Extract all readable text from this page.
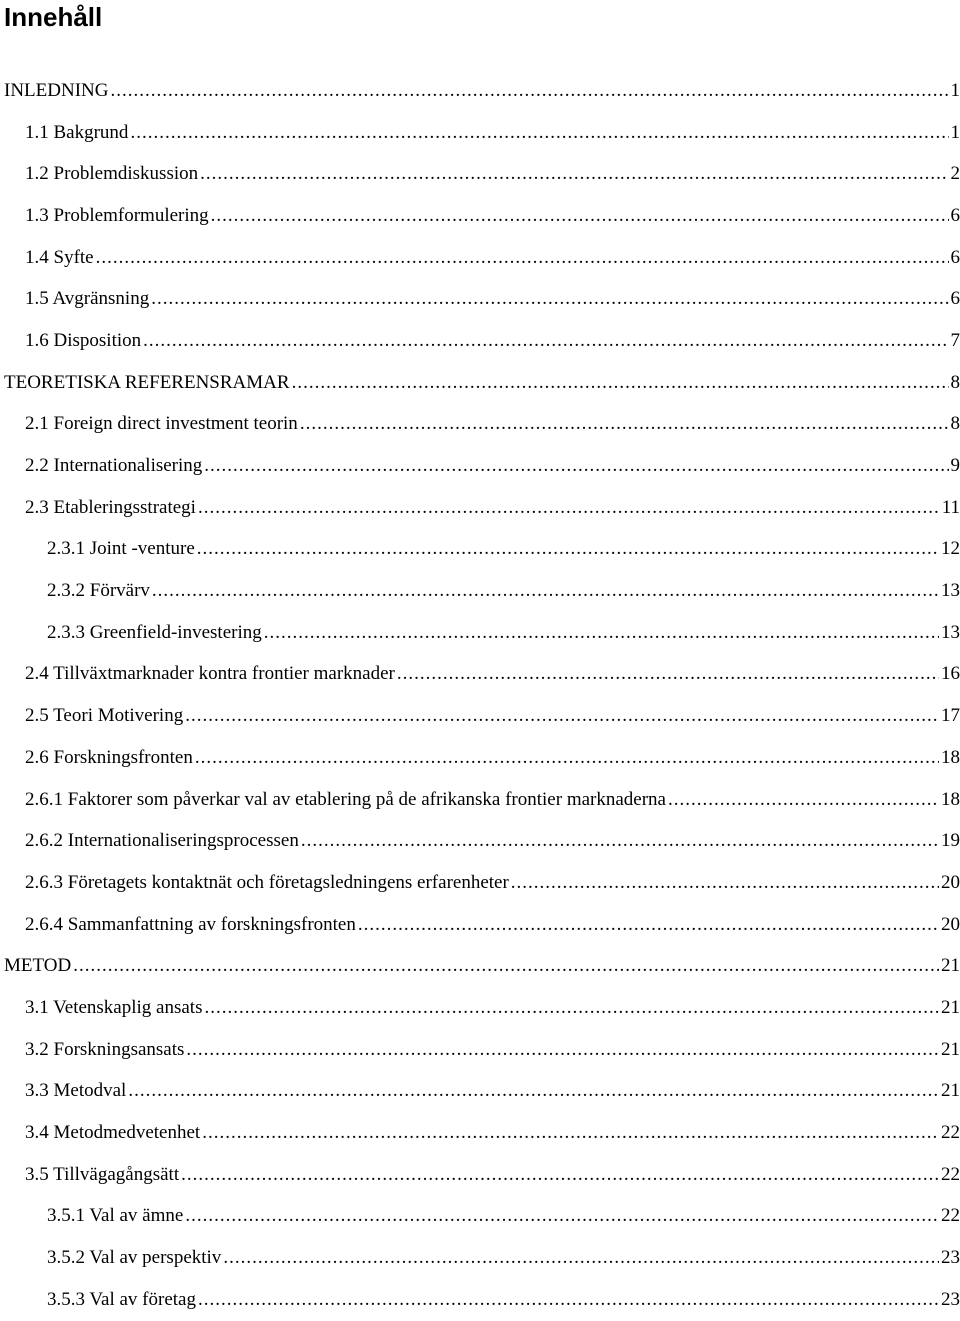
Innehåll
INLEDNING .....	1
1.1 Bakgrund .....	1
1.2 Problemdiskussion .....	2
1.3 Problemformulering .....	6
1.4 Syfte .....	6
1.5 Avgränsning .....	6
1.6 Disposition .....	7
TEORETISKA REFERENSRAMAR .....	8
2.1 Foreign direct investment teorin .....	8
2.2 Internationalisering .....	9
2.3 Etableringsstrategi .....	11
2.3.1 Joint -venture .....	12
2.3.2 Förvärv .....	13
2.3.3 Greenfield-investering .....	13
2.4 Tillväxtmarknader kontra frontier marknader .....	16
2.5 Teori Motivering .....	17
2.6 Forskningsfronten .....	18
2.6.1 Faktorer som påverkar val av etablering på de afrikanska frontier marknaderna .....	18
2.6.2 Internationaliseringsprocessen .....	19
2.6.3 Företagets kontaktnät och företagsledningens erfarenheter .....	20
2.6.4 Sammanfattning av forskningsfronten .....	20
METOD .....	21
3.1 Vetenskaplig ansats .....	21
3.2 Forskningsansats .....	21
3.3 Metodval .....	21
3.4 Metodmedvetenhet .....	22
3.5 Tillvägagångsätt .....	22
3.5.1 Val av ämne .....	22
3.5.2 Val av perspektiv .....	23
3.5.3 Val av företag .....	23
